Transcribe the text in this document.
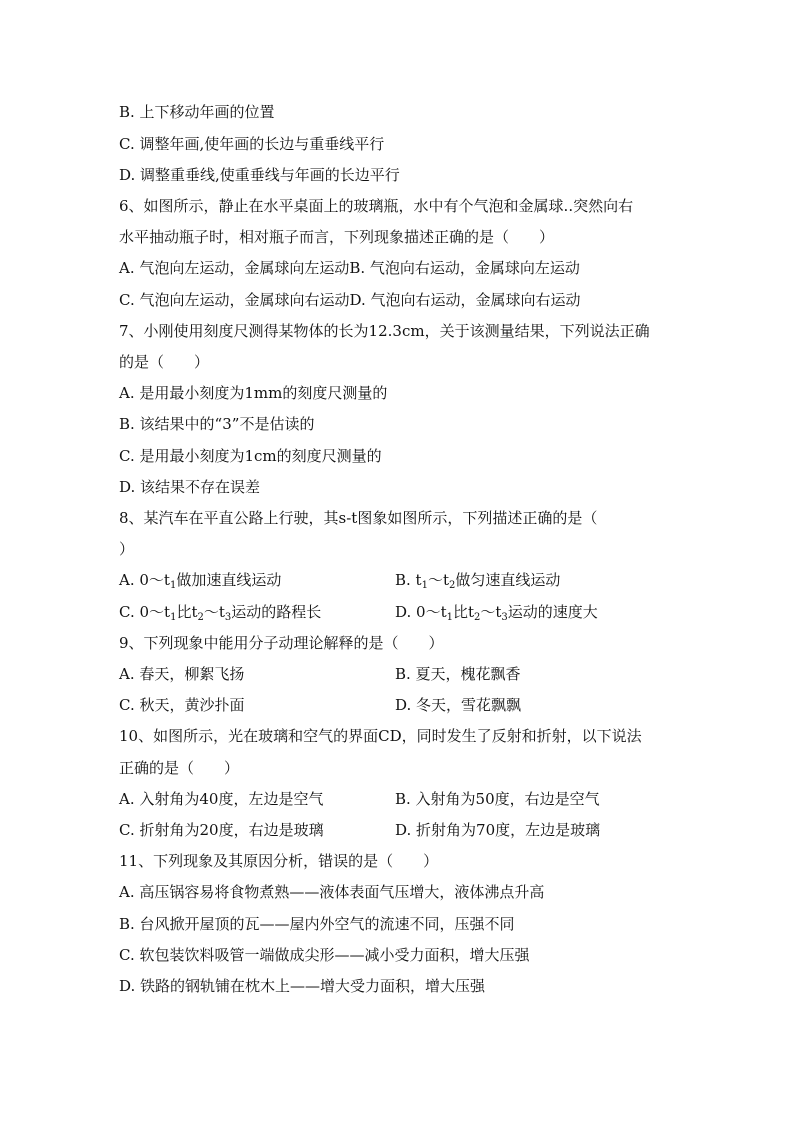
B. 上下移动年画的位置
C. 调整年画,使年画的长边与重垂线平行
D. 调整重垂线,使重垂线与年画的长边平行
6、如图所示，静止在水平桌面上的玻璃瓶，水中有个气泡和金属球..突然向右
水平抽动瓶子时，相对瓶子而言，下列现象描述正确的是（　　）
A. 气泡向左运动，金属球向左运动B. 气泡向右运动，金属球向左运动
C. 气泡向左运动，金属球向右运动D. 气泡向右运动，金属球向右运动
7、小刚使用刻度尺测得某物体的长为12.3cm，关于该测量结果，下列说法正确
的是（　　）
A. 是用最小刻度为1mm的刻度尺测量的
B. 该结果中的“3”不是估读的
C. 是用最小刻度为1cm的刻度尺测量的
D. 该结果不存在误差
8、某汽车在平直公路上行驶，其s-t图象如图所示，下列描述正确的是（
）
A. $0\sim t_1$做加速直线运动	B. $t_1\sim t_2$做匀速直线运动
C. $0\sim t_1$比$t_2\sim t_3$运动的路程长	D. $0\sim t_1$比$t_2\sim t_3$运动的速度大
9、下列现象中能用分子动理论解释的是（　　）
A. 春天，柳絮飞扬	B. 夏天，槐花飘香
C. 秋天，黄沙扑面	D. 冬天，雪花飘飘
10、如图所示，光在玻璃和空气的界面CD，同时发生了反射和折射，以下说法
正确的是（　　）
A. 入射角为40度，左边是空气	B. 入射角为50度，右边是空气
C. 折射角为20度，右边是玻璃	D. 折射角为70度，左边是玻璃
11、下列现象及其原因分析，错误的是（　　）
A. 高压锅容易将食物煮熟——液体表面气压增大，液体沸点升高
B. 台风掀开屋顶的瓦——屋内外空气的流速不同，压强不同
C. 软包装饮料吸管一端做成尖形——减小受力面积，增大压强
D. 铁路的钢轨铺在枕木上——增大受力面积，增大压强
